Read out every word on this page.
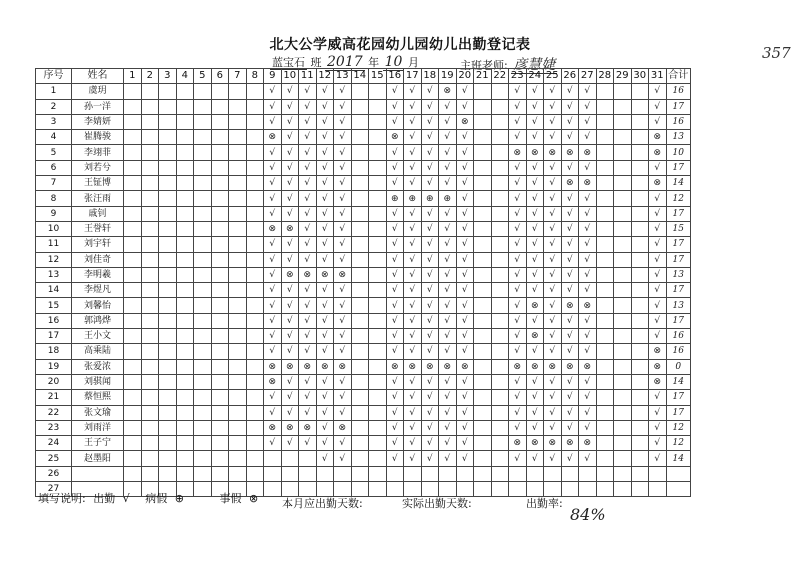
北大公学威高花园幼儿园幼儿出勤登记表	357
蓝宝石 班 2017 年 10 月	主班老师: 彦慧婕
序号	姓名	1	2	3	4	5	6	7	8	9	10	11	12	13	14	15	16	17	18	19	20	21	22	23	24	25	26	27	28	29	30	31	合计
1	虞玥									√	√	√	√	√			√	√	√	⊗	√			√	√	√	√	√				√	16
2	孙一洋									√	√	√	√	√			√	√	√	√	√			√	√	√	√	√				√	17
3	李婧妍									√	√	√	√	√			√	√	√	√	⊗			√	√	√	√	√				√	16
4	崔腾骏									⊗	√	√	√	√			⊗	√	√	√	√			√	√	√	√	√				⊗	13
5	李翊菲									√	√	√	√	√			√	√	√	√	√			⊗	⊗	⊗	⊗	⊗				⊗	10
6	刘若兮									√	√	√	√	√			√	√	√	√	√			√	√	√	√	√				√	17
7	王钲博									√	√	√	√	√			√	√	√	√	√			√	√	√	⊗	⊗				⊗	14
8	张汪雨									√	√	√	√	√			⊕	⊕	⊕	⊕	√			√	√	√	√	√				√	12
9	戚钊									√	√	√	√	√			√	√	√	√	√			√	√	√	√	√				√	17
10	王誉轩									⊗	⊗	√	√	√			√	√	√	√	√			√	√	√	√	√				√	15
11	刘宇轩									√	√	√	√	√			√	√	√	√	√			√	√	√	√	√				√	17
12	刘佳奇									√	√	√	√	√			√	√	√	√	√			√	√	√	√	√				√	17
13	李明羲									√	⊗	⊗	⊗	⊗			√	√	√	√	√			√	√	√	√	√				√	13
14	李煜凡									√	√	√	√	√			√	√	√	√	√			√	√	√	√	√				√	17
15	刘馨怡									√	√	√	√	√			√	√	√	√	√			√	⊗	√	⊗	⊗				√	13
16	郭鸿烨									√	√	√	√	√			√	√	√	√	√			√	√	√	√	√				√	17
17	王小文									√	√	√	√	√			√	√	√	√	√			√	⊗	√	√	√				√	16
18	高乘陆									√	√	√	√	√			√	√	√	√	√			√	√	√	√	√				⊗	16
19	张爱浓									⊗	⊗	⊗	⊗	⊗			⊗	⊗	⊗	⊗	⊗			⊗	⊗	⊗	⊗	⊗				⊗	0
20	刘骐闻									⊗	√	√	√	√			√	√	√	√	√			√	√	√	√	√				⊗	14
21	蔡恒熙									√	√	√	√	√			√	√	√	√	√			√	√	√	√	√				√	17
22	张文瑜									√	√	√	√	√			√	√	√	√	√			√	√	√	√	√				√	17
23	刘雨洋									⊗	⊗	⊗	√	⊗			√	√	√	√	√			√	√	√	√	√				√	12
24	王子宁									√	√	√	√	√			√	√	√	√	√			⊗	⊗	⊗	⊗	⊗				√	12
25	赵墨阳												√	√			√	√	√	√	√			√	√	√	√	√				√	14
26																																	
27																																	
填写说明: 出勤 √ 病假 ⊕	事假 ⊗	本月应出勤天数:	实际出勤天数:	出勤率:
84%
